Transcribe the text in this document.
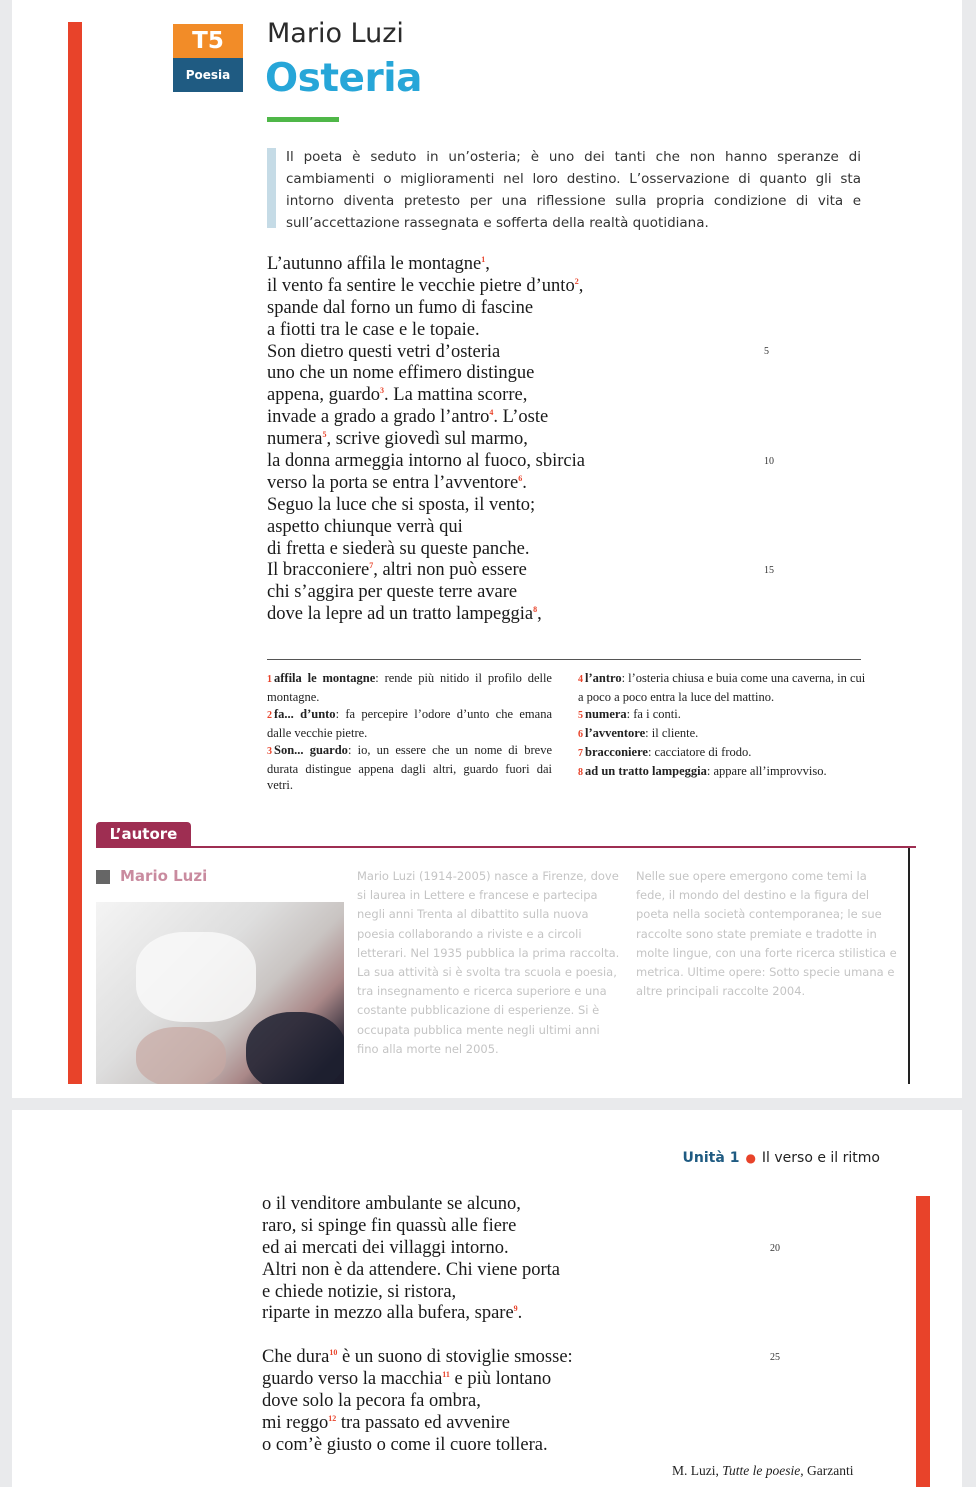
T5
Poesia
Mario Luzi
Osteria
Il poeta è seduto in un’osteria; è uno dei tanti che non hanno speranze di cambiamenti o miglioramenti nel loro destino. L’osservazione di quanto gli sta intorno diventa pretesto per una riflessione sulla propria condizione di vita e sull’accettazione rassegnata e sofferta della realtà quotidiana.
L’autunno affila le montagne$^1$,
il vento fa sentire le vecchie pietre d’unto$^2$,
spande dal forno un fumo di fascine
a fiotti tra le case e le topaie.
Son dietro questi vetri d’osteria
uno che un nome effimero distingue
appena, guardo$^3$. La mattina scorre,
invade a grado a grado l’antro$^4$. L’oste
numera$^5$, scrive giovedì sul marmo,
la donna armeggia intorno al fuoco, sbircia
verso la porta se entra l’avventore$^6$.
Seguo la luce che si sposta, il vento;
aspetto chiunque verrà qui
di fretta e siederà su queste panche.
Il bracconiere$^7$, altri non può essere
chi s’aggira per queste terre avare
dove la lepre ad un tratto lampeggia$^8$,
5
10
15
1 affila le montagne: rende più nitido il profilo delle montagne.
2 fa... d’unto: fa percepire l’odore d’unto che emana dalle vecchie pietre.
3 Son... guardo: io, un essere che un nome di breve durata distingue appena dagli altri, guardo fuori dai vetri.
4 l’antro: l’osteria chiusa e buia come una caverna, in cui a poco a poco entra la luce del mattino.
5 numera: fa i conti.
6 l’avventore: il cliente.
7 bracconiere: cacciatore di frodo.
8 ad un tratto lampeggia: appare all’improvviso.
L’autore
Mario Luzi	Mario Luzi (1914-2005) nasce a Firenze, dove si laurea in Lettere e francese e partecipa negli anni Trenta al dibattito sulla nuova poesia collaborando a riviste e a circoli letterari. Nel 1935 pubblica la prima raccolta. La sua attività si è svolta tra scuola e poesia, tra insegnamento e ricerca superiore e una costante pubblicazione di esperienze. Si è occupata pubblica mente negli ultimi anni fino alla morte nel 2005.
Nelle sue opere emergono come temi la fede, il mondo del destino e la figura del poeta nella società contemporanea; le sue raccolte sono state premiate e tradotte in molte lingue, con una forte ricerca stilistica e metrica. Ultime opere: Sotto specie umana e altre principali raccolte 2004.
Unità 1 ● Il verso e il ritmo
o il venditore ambulante se alcuno,
raro, si spinge fin quassù alle fiere
ed ai mercati dei villaggi intorno.
Altri non è da attendere. Chi viene porta
e chiede notizie, si ristora,
riparte in mezzo alla bufera, spare$^9$.
Che dura$^{10}$ è un suono di stoviglie smosse:
guardo verso la macchia$^{11}$ e più lontano
dove solo la pecora fa ombra,
mi reggo$^{12}$ tra passato ed avvenire
o com’è giusto o come il cuore tollera.
20
25
M. Luzi, Tutte le poesie, Garzanti
